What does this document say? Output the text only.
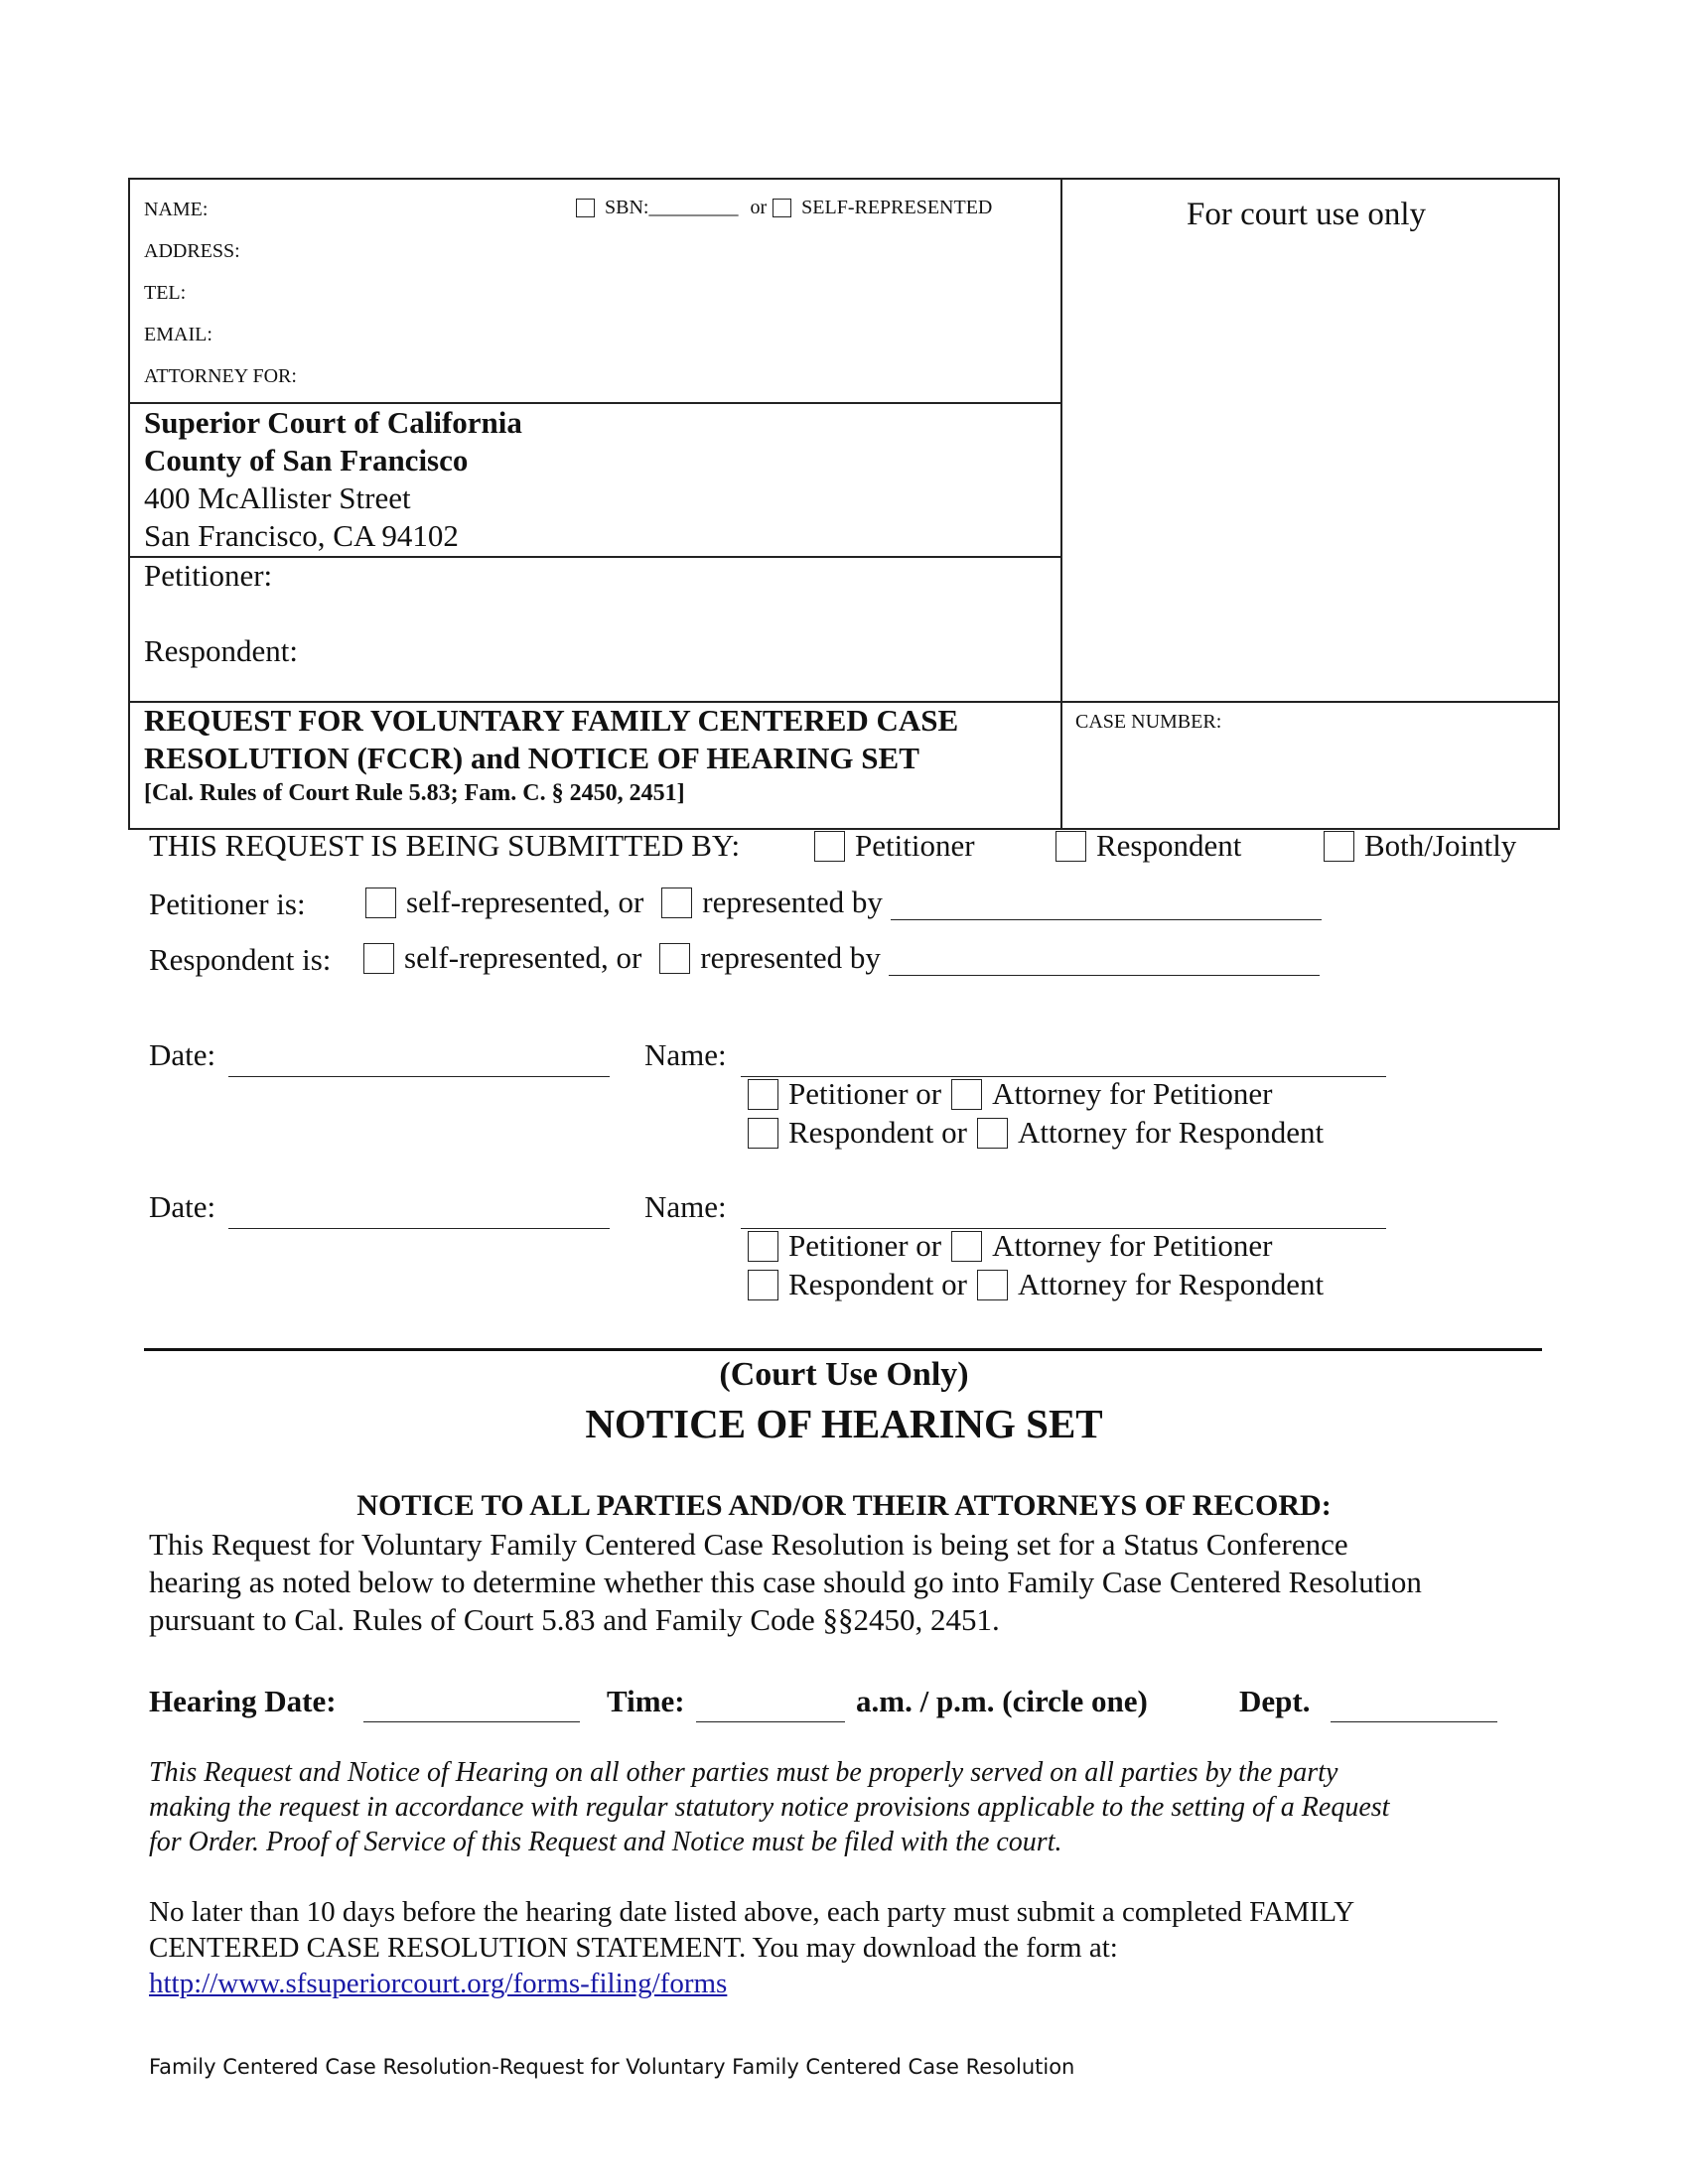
NAME:	SBN: _________ or SELF-REPRESENTED
ADDRESS:
TEL:
EMAIL:
ATTORNEY FOR:
For court use only
Superior Court of California
County of San Francisco
400 McAllister Street
San Francisco, CA 94102
Petitioner:
Respondent:
REQUEST FOR VOLUNTARY FAMILY CENTERED CASE
RESOLUTION (FCCR) and NOTICE OF HEARING SET
[Cal. Rules of Court Rule 5.83; Fam. C. § 2450, 2451]
CASE NUMBER:
THIS REQUEST IS BEING SUBMITTED BY:	Petitioner	Respondent	Both/Jointly
Petitioner is:	self-represented, or represented by
Respondent is: self-represented, or represented by
Date:	Name:
Petitioner or Attorney for Petitioner
Respondent or Attorney for Respondent
Date:	Name:
Petitioner or Attorney for Petitioner
Respondent or Attorney for Respondent
(Court Use Only)
NOTICE OF HEARING SET
NOTICE TO ALL PARTIES AND/OR THEIR ATTORNEYS OF RECORD:
This Request for Voluntary Family Centered Case Resolution is being set for a Status Conference
hearing as noted below to determine whether this case should go into Family Case Centered Resolution
pursuant to Cal. Rules of Court 5.83 and Family Code §§2450, 2451.
Hearing Date:	Time:	a.m. / p.m. (circle one)	Dept.
This Request and Notice of Hearing on all other parties must be properly served on all parties by the party
making the request in accordance with regular statutory notice provisions applicable to the setting of a Request
for Order. Proof of Service of this Request and Notice must be filed with the court.
No later than 10 days before the hearing date listed above, each party must submit a completed FAMILY
CENTERED CASE RESOLUTION STATEMENT. You may download the form at:
http://www.sfsuperiorcourt.org/forms-filing/forms
Family Centered Case Resolution-Request for Voluntary Family Centered Case Resolution
